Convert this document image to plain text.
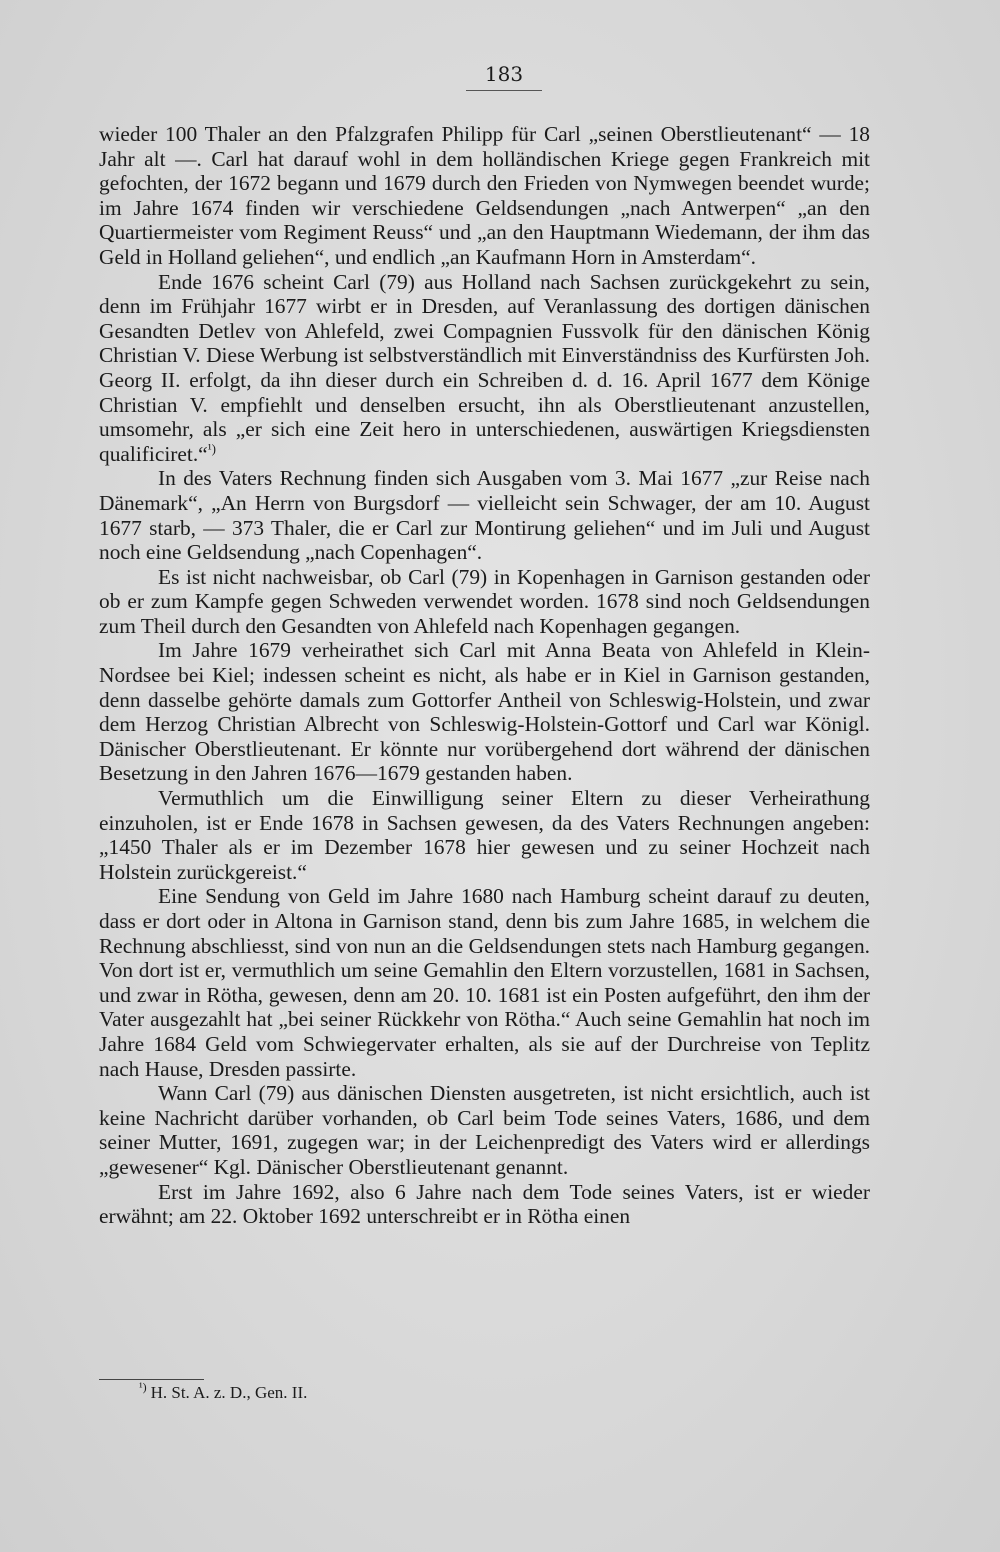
183

wieder 100 Thaler an den Pfalzgrafen Philipp für Carl „seinen Oberstlieutenant“ — 18 Jahr alt —. Carl hat darauf wohl in dem holländischen Kriege gegen Frankreich mit gefochten, der 1672 begann und 1679 durch den Frieden von Nymwegen beendet wurde; im Jahre 1674 finden wir verschiedene Geldsendungen „nach Antwerpen“ „an den Quartiermeister vom Regiment Reuss“ und „an den Hauptmann Wiedemann, der ihm das Geld in Holland geliehen“, und endlich „an Kaufmann Horn in Amsterdam“.

Ende 1676 scheint Carl (79) aus Holland nach Sachsen zurückgekehrt zu sein, denn im Frühjahr 1677 wirbt er in Dresden, auf Veranlassung des dortigen dänischen Gesandten Detlev von Ahlefeld, zwei Compagnien Fussvolk für den dänischen König Christian V. Diese Werbung ist selbstverständlich mit Einverständniss des Kurfürsten Joh. Georg II. erfolgt, da ihn dieser durch ein Schreiben d. d. 16. April 1677 dem Könige Christian V. empfiehlt und denselben ersucht, ihn als Oberstlieutenant anzustellen, umsomehr, als „er sich eine Zeit hero in unterschiedenen, auswärtigen Kriegsdiensten qualificiret.“$^{^1)}$

In des Vaters Rechnung finden sich Ausgaben vom 3. Mai 1677 „zur Reise nach Dänemark“, „An Herrn von Burgsdorf — vielleicht sein Schwager, der am 10. August 1677 starb, — 373 Thaler, die er Carl zur Montirung geliehen“ und im Juli und August noch eine Geldsendung „nach Copenhagen“.

Es ist nicht nachweisbar, ob Carl (79) in Kopenhagen in Garnison gestanden oder ob er zum Kampfe gegen Schweden verwendet worden. 1678 sind noch Geldsendungen zum Theil durch den Gesandten von Ahlefeld nach Kopenhagen gegangen.

Im Jahre 1679 verheirathet sich Carl mit Anna Beata von Ahlefeld in Klein-Nordsee bei Kiel; indessen scheint es nicht, als habe er in Kiel in Garnison gestanden, denn dasselbe gehörte damals zum Gottorfer Antheil von Schleswig-Holstein, und zwar dem Herzog Christian Albrecht von Schleswig-Holstein-Gottorf und Carl war Königl. Dänischer Oberstlieutenant. Er könnte nur vorübergehend dort während der dänischen Besetzung in den Jahren 1676—1679 gestanden haben.

Vermuthlich um die Einwilligung seiner Eltern zu dieser Verheirathung einzuholen, ist er Ende 1678 in Sachsen gewesen, da des Vaters Rechnungen angeben: „1450 Thaler als er im Dezember 1678 hier gewesen und zu seiner Hochzeit nach Holstein zurückgereist.“

Eine Sendung von Geld im Jahre 1680 nach Hamburg scheint darauf zu deuten, dass er dort oder in Altona in Garnison stand, denn bis zum Jahre 1685, in welchem die Rechnung abschliesst, sind von nun an die Geldsendungen stets nach Hamburg gegangen. Von dort ist er, vermuthlich um seine Gemahlin den Eltern vorzustellen, 1681 in Sachsen, und zwar in Rötha, gewesen, denn am 20. 10. 1681 ist ein Posten aufgeführt, den ihm der Vater ausgezahlt hat „bei seiner Rückkehr von Rötha.“ Auch seine Gemahlin hat noch im Jahre 1684 Geld vom Schwiegervater erhalten, als sie auf der Durchreise von Teplitz nach Hause, Dresden passirte.

Wann Carl (79) aus dänischen Diensten ausgetreten, ist nicht ersichtlich, auch ist keine Nachricht darüber vorhanden, ob Carl beim Tode seines Vaters, 1686, und dem seiner Mutter, 1691, zugegen war; in der Leichenpredigt des Vaters wird er allerdings „gewesener“ Kgl. Dänischer Oberstlieutenant genannt.

Erst im Jahre 1692, also 6 Jahre nach dem Tode seines Vaters, ist er wieder erwähnt; am 22. Oktober 1692 unterschreibt er in Rötha einen

$^{^1)}$ H. St. A. z. D., Gen. II.
